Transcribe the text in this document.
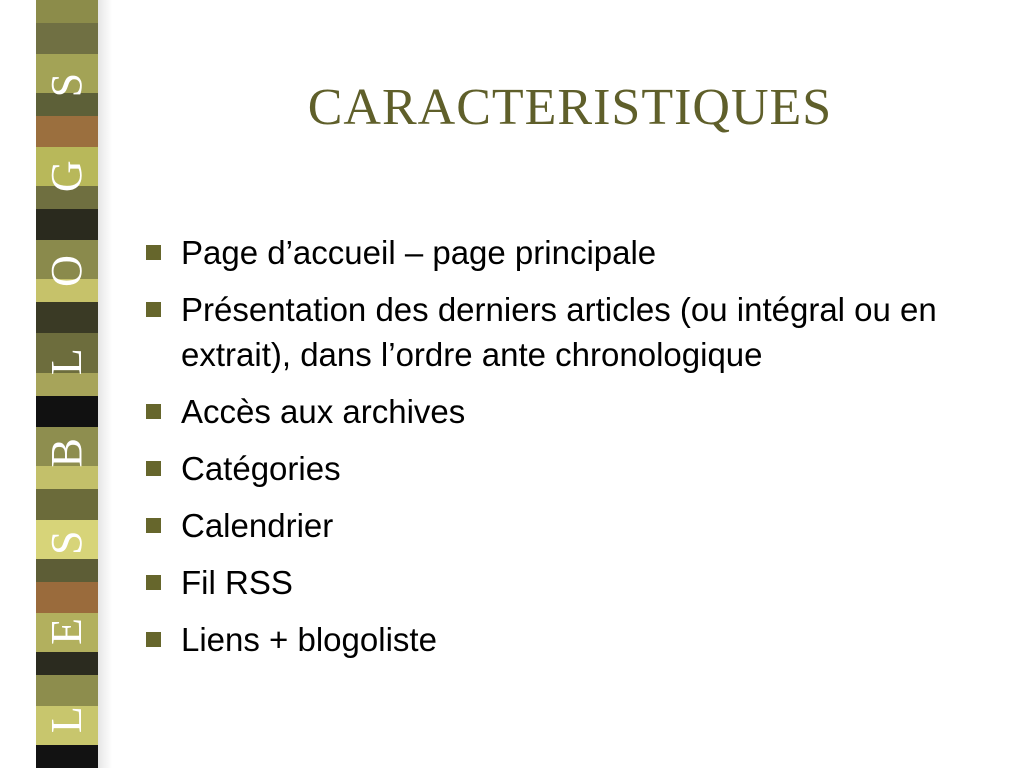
L E S B L O G S	CARACTERISTIQUES
Page d’accueil – page principale
Présentation des derniers articles (ou intégral ou en extrait), dans l’ordre ante chronologique
Accès aux archives
Catégories
Calendrier
Fil RSS
Liens + blogoliste
